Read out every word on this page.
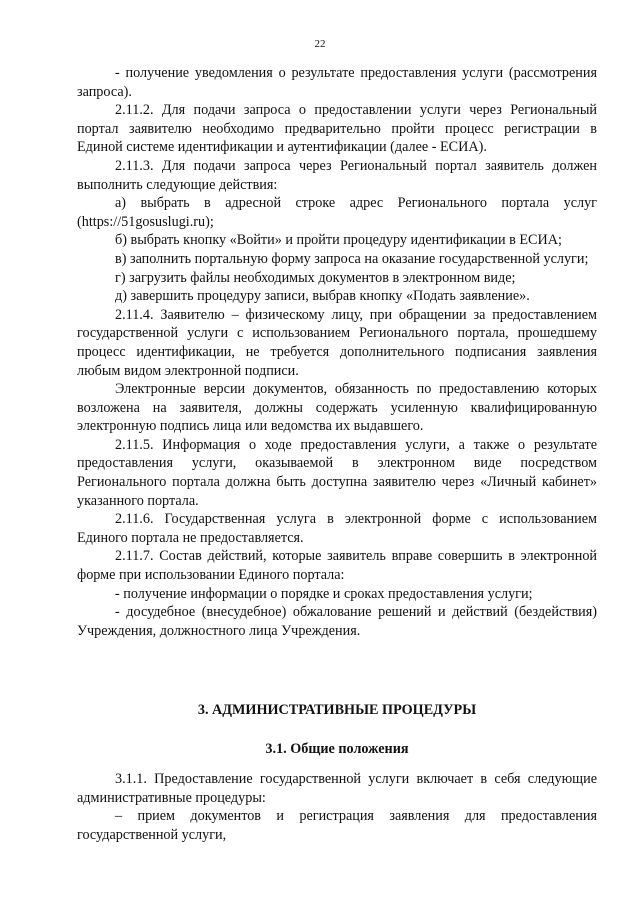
22

- получение уведомления о результате предоставления услуги (рассмотрения запроса).

2.11.2. Для подачи запроса о предоставлении услуги через Региональный портал заявителю необходимо предварительно пройти процесс регистрации в Единой системе идентификации и аутентификации (далее - ЕСИА).

2.11.3. Для подачи запроса через Региональный портал заявитель должен выполнить следующие действия:

а) выбрать в адресной строке адрес Регионального портала услуг (https://51gosuslugi.ru);

б) выбрать кнопку «Войти» и пройти процедуру идентификации в ЕСИА;

в) заполнить портальную форму запроса на оказание государственной услуги;

г) загрузить файлы необходимых документов в электронном виде;

д) завершить процедуру записи, выбрав кнопку «Подать заявление».

2.11.4. Заявителю – физическому лицу, при обращении за предоставлением государственной услуги с использованием Регионального портала, прошедшему процесс идентификации, не требуется дополнительного подписания заявления любым видом электронной подписи.

Электронные версии документов, обязанность по предоставлению которых возложена на заявителя, должны содержать усиленную квалифицированную электронную подпись лица или ведомства их выдавшего.

2.11.5. Информация о ходе предоставления услуги, а также о результате предоставления услуги, оказываемой в электронном виде посредством Регионального портала должна быть доступна заявителю через «Личный кабинет» указанного портала.

2.11.6. Государственная услуга в электронной форме с использованием Единого портала не предоставляется.

2.11.7. Состав действий, которые заявитель вправе совершить в электронной форме при использовании Единого портала:

- получение информации о порядке и сроках предоставления услуги;

- досудебное (внесудебное) обжалование решений и действий (бездействия) Учреждения, должностного лица Учреждения.

3. АДМИНИСТРАТИВНЫЕ ПРОЦЕДУРЫ

3.1. Общие положения

3.1.1. Предоставление государственной услуги включает в себя следующие административные процедуры:

– прием документов и регистрация заявления для предоставления государственной услуги,
